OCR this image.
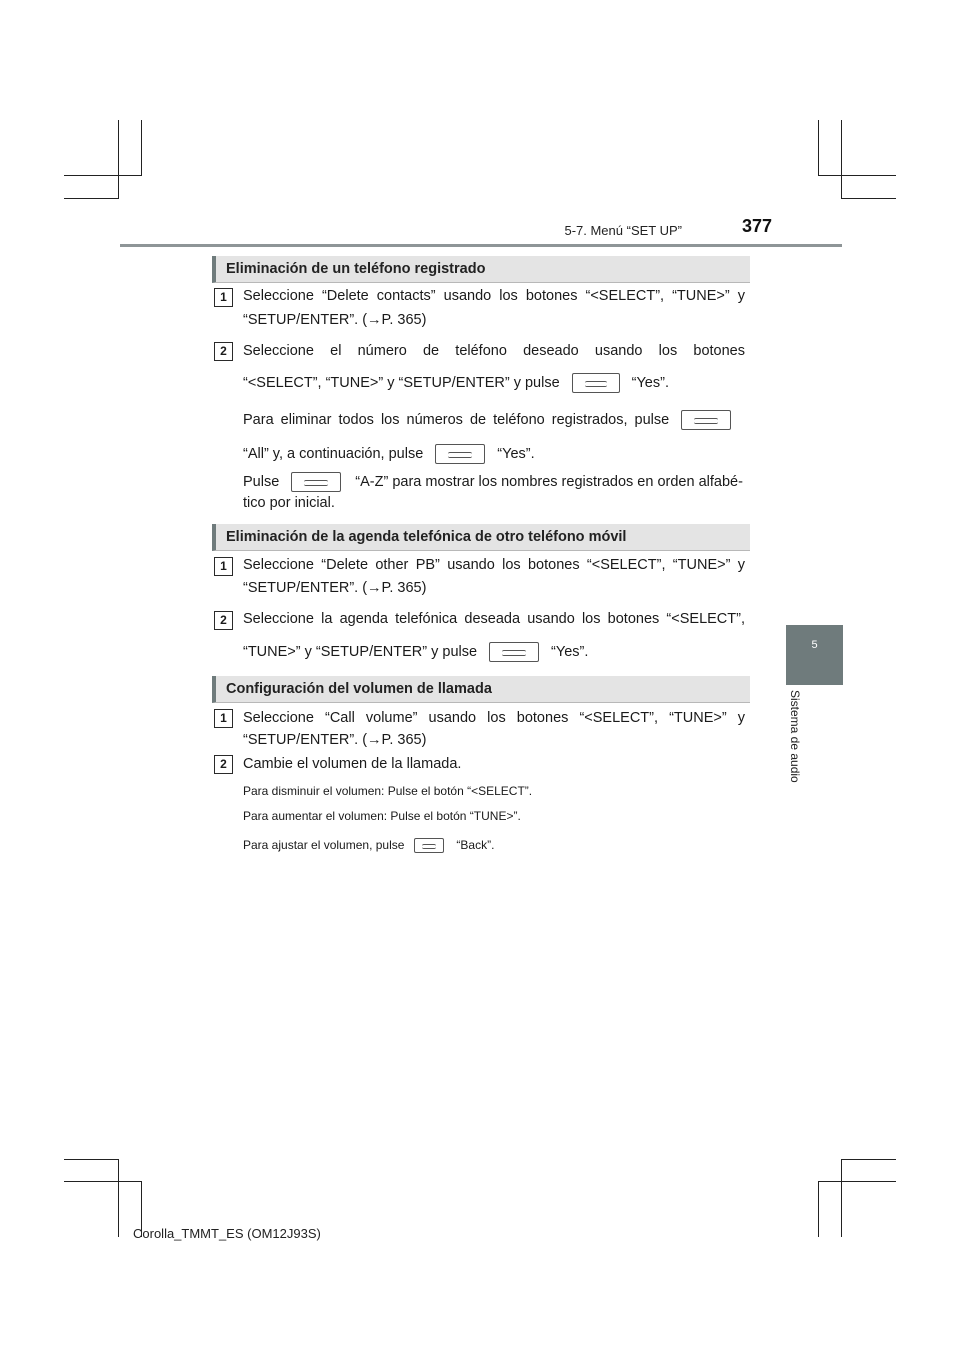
5-7. Menú “SET UP”	377
5
Sistema de audio
Eliminación de un teléfono registrado
1	Seleccione “Delete contacts” usando los botones “<SELECT”, “TUNE>” y
“SETUP/ENTER”. (→P. 365)
2	Seleccione el número de teléfono deseado usando los botones
“<SELECT”, “TUNE>” y “SETUP/ENTER” y pulse	“Yes”.
Para eliminar todos los números de teléfono registrados, pulse
“All” y, a continuación, pulse	“Yes”.
Pulse	“A-Z” para mostrar los nombres registrados en orden alfabé-
tico por inicial.
Eliminación de la agenda telefónica de otro teléfono móvil
1	Seleccione “Delete other PB” usando los botones “<SELECT”, “TUNE>” y
“SETUP/ENTER”. (→P. 365)
2	Seleccione la agenda telefónica deseada usando los botones “<SELECT”,
“TUNE>” y “SETUP/ENTER” y pulse	“Yes”.
Configuración del volumen de llamada
1	Seleccione “Call volume” usando los botones “<SELECT”, “TUNE>” y
“SETUP/ENTER”. (→P. 365)
2	Cambie el volumen de la llamada.
Para disminuir el volumen: Pulse el botón “<SELECT”.
Para aumentar el volumen: Pulse el botón “TUNE>”.
Para ajustar el volumen, pulse	“Back”.
Corolla_TMMT_ES (OM12J93S)
